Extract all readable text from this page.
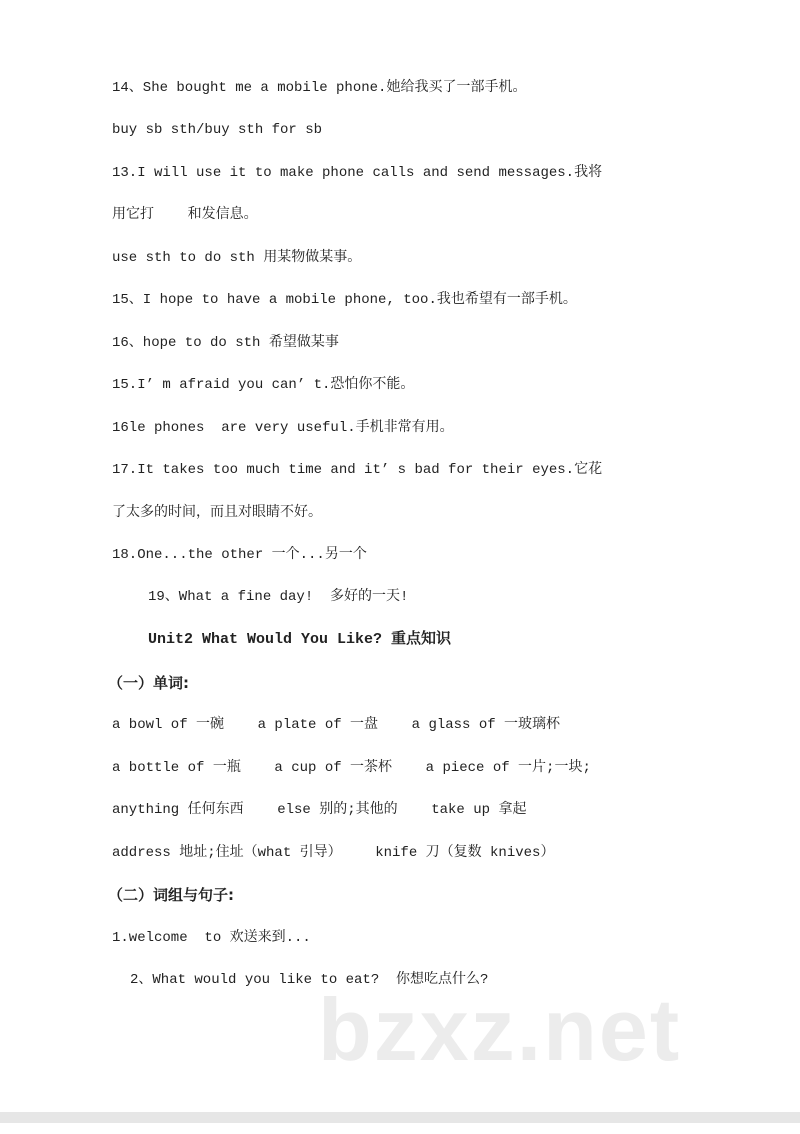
14、She bought me a mobile phone.她给我买了一部手机。
buy sb sth/buy sth for sb
13.I will use it to make phone calls and send messages.我将
用它打    和发信息。
use sth to do sth 用某物做某事。
15、I hope to have a mobile phone, too.我也希望有一部手机。
16、hope to do sth 希望做某事
15.I’ m afraid you can’ t.恐怕你不能。
16le phones  are very useful.手机非常有用。
17.It takes too much time and it’ s bad for their eyes.它花
了太多的时间，而且对眼睛不好。
18.One...the other 一个...另一个
19、What a fine day!  多好的一天!
Unit2 What Would You Like? 重点知识
（一）单词:
a bowl of 一碗    a plate of 一盘    a glass of 一玻璃杯
a bottle of 一瓶    a cup of 一茶杯    a piece of 一片;一块;
anything 任何东西    else 别的;其他的    take up 拿起
address 地址;住址（what 引导）    knife 刀（复数 knives）
（二）词组与句子:
1.welcome  to 欢送来到...
2、What would you like to eat?  你想吃点什么?
bzxz.net
